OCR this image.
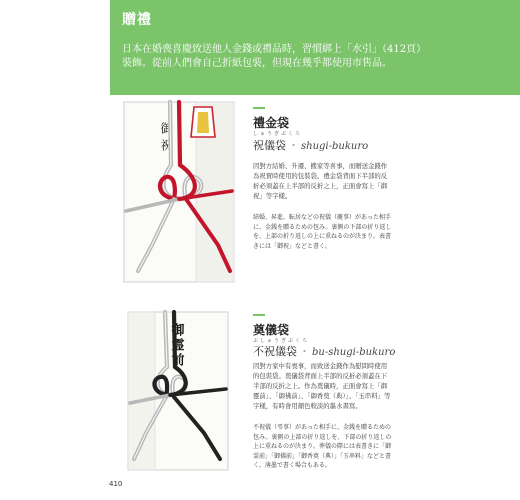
贈禮
日本在婚喪喜慶致送他人金錢或禮品時，習慣綁上「水引」（412頁）裝飾。從前人們會自己折紙包裝，但現在幾乎都使用市售品。
御祝	禮金袋
しゅうぎぶくろ
祝儀袋 ・ shugi-bukuro

因對方結婚、升遷、搬家等喜事，而贈送金錢作為祝賀時使用的包裝袋。禮金袋背面下半部的反折必須蓋在上半部的反折之上，正面會寫上「御祝」等字樣。

結婚、昇進、転居などの祝儀（慶事）があった相手に、金銭を贈るための包み。裏側の下部の折り返しを、上部の折り返しの上に重ねるのが決まり。表書きには「御祝」などと書く。

御霊前	奠儀袋
ぶしゅうぎぶくろ
不祝儀袋 ・ bu-shugi-bukuro

因對方家中有喪事，而致送金錢作為慰問時使用的包裝袋。奠儀袋背面上半部的反折必須蓋在下半部的反折之上。作為奠儀時，正面會寫上「御靈前」、「御佛前」、「御香奠（典）」、「玉串料」等字樣，有時會用顏色較淡的墨水書寫。

不祝儀（弔事）があった相手に、金銭を贈るための包み。裏側の上部の折り返しを、下部の折り返しの上に重ねるのが決まり。葬儀の際には表書きに「御霊前」「御佛前」「御香奠（典）」「玉串料」などと書く。薄墨で書く場合もある。

410
